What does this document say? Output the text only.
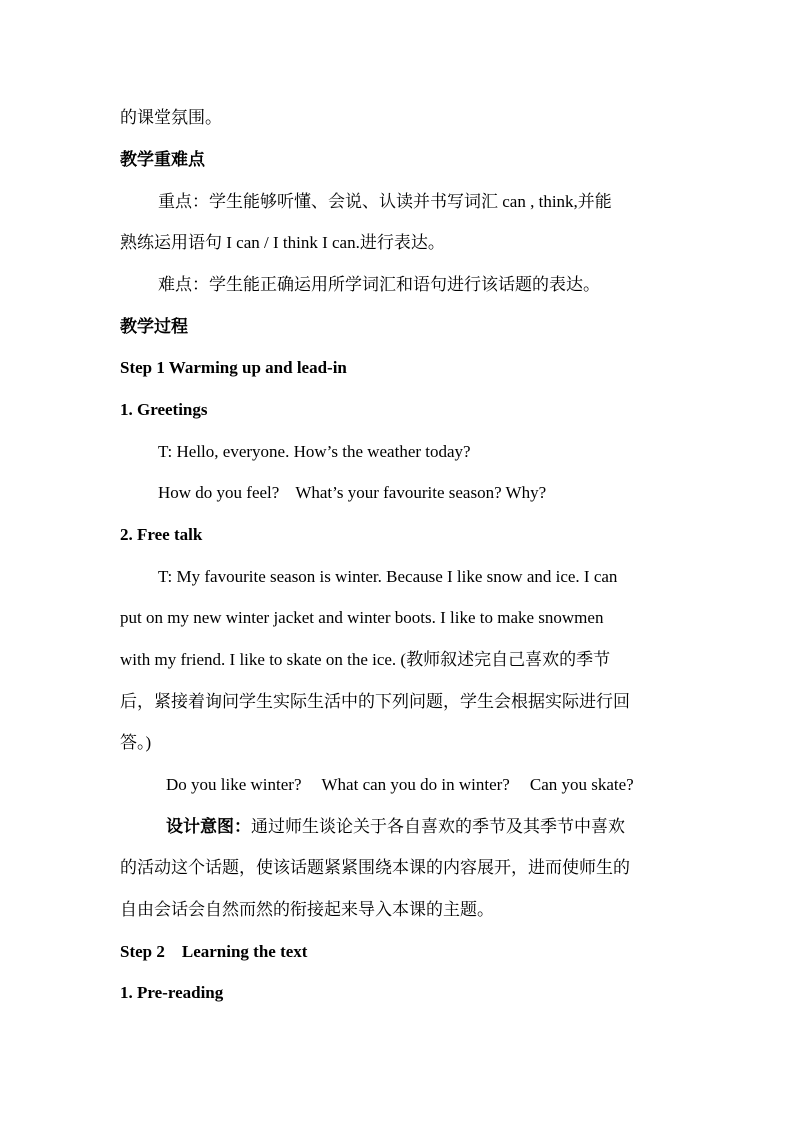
的课堂氛围。
教学重难点
重点：学生能够听懂、会说、认读并书写词汇 can , think,并能
熟练运用语句 I can / I think I can.进行表达。
难点：学生能正确运用所学词汇和语句进行该话题的表达。
教学过程
Step 1 Warming up and lead-in
1. Greetings
T: Hello, everyone. How’s the weather today?
How do you feel? What’s your favourite season? Why?
2. Free talk
T: My favourite season is winter. Because I like snow and ice. I can
put on my new winter jacket and winter boots. I like to make snowmen
with my friend. I like to skate on the ice. (教师叙述完自己喜欢的季节
后，紧接着询问学生实际生活中的下列问题，学生会根据实际进行回
答。)
Do you like winter? What can you do in winter? Can you skate?
设计意图：通过师生谈论关于各自喜欢的季节及其季节中喜欢
的活动这个话题，使该话题紧紧围绕本课的内容展开，进而使师生的
自由会话会自然而然的衔接起来导入本课的主题。
Step 2    Learning the text
1. Pre-reading
